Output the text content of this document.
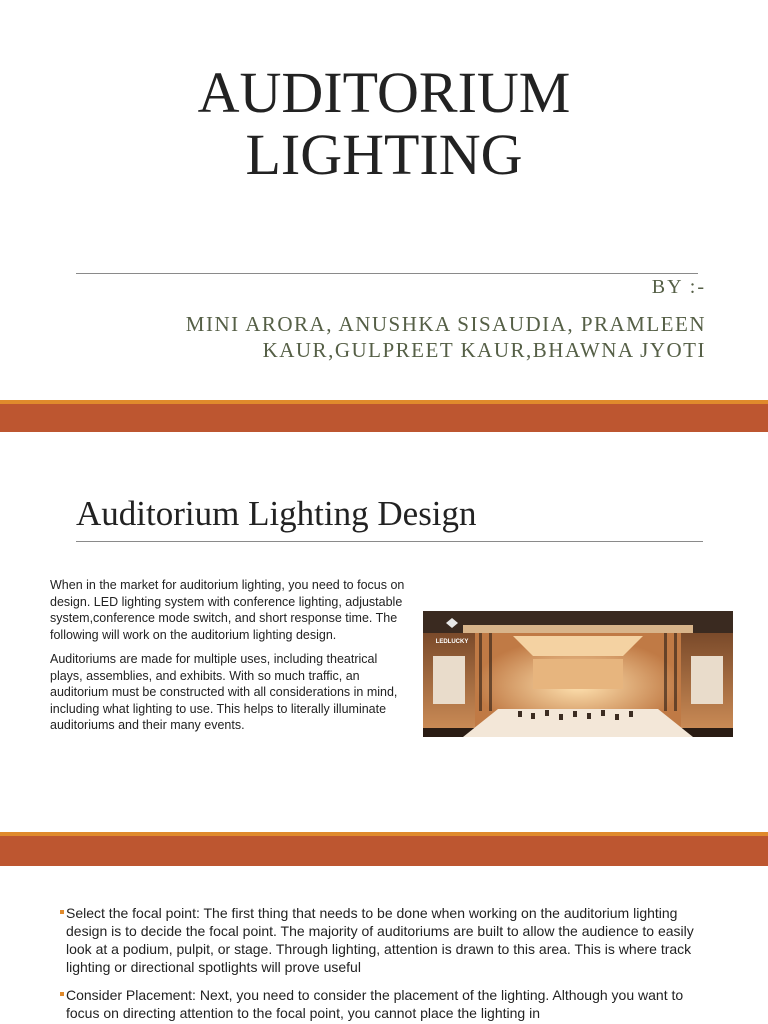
AUDITORIUM
LIGHTING
BY :-
MINI ARORA, ANUSHKA SISAUDIA, PRAMLEEN
KAUR,GULPREET KAUR,BHAWNA JYOTI
Auditorium Lighting Design

When in the market for auditorium lighting, you need to focus on design. LED lighting system with conference lighting, adjustable system,conference mode switch, and short response time. The following will work on the auditorium lighting design.

Auditoriums are made for multiple uses, including theatrical plays, assemblies, and exhibits. With so much traffic, an auditorium must be constructed with all considerations in mind, including what lighting to use. This helps to literally illuminate auditoriums and their many events.

LEDLUCKY
Select the focal point: The first thing that needs to be done when working on the auditorium lighting design is to decide the focal point. The majority of auditoriums are built to allow the audience to easily look at a podium, pulpit, or stage. Through lighting, attention is drawn to this area. This is where track lighting or directional spotlights will prove useful
Consider Placement: Next, you need to consider the placement of the lighting. Although you want to focus on directing attention to the focal point, you cannot place the lighting in
